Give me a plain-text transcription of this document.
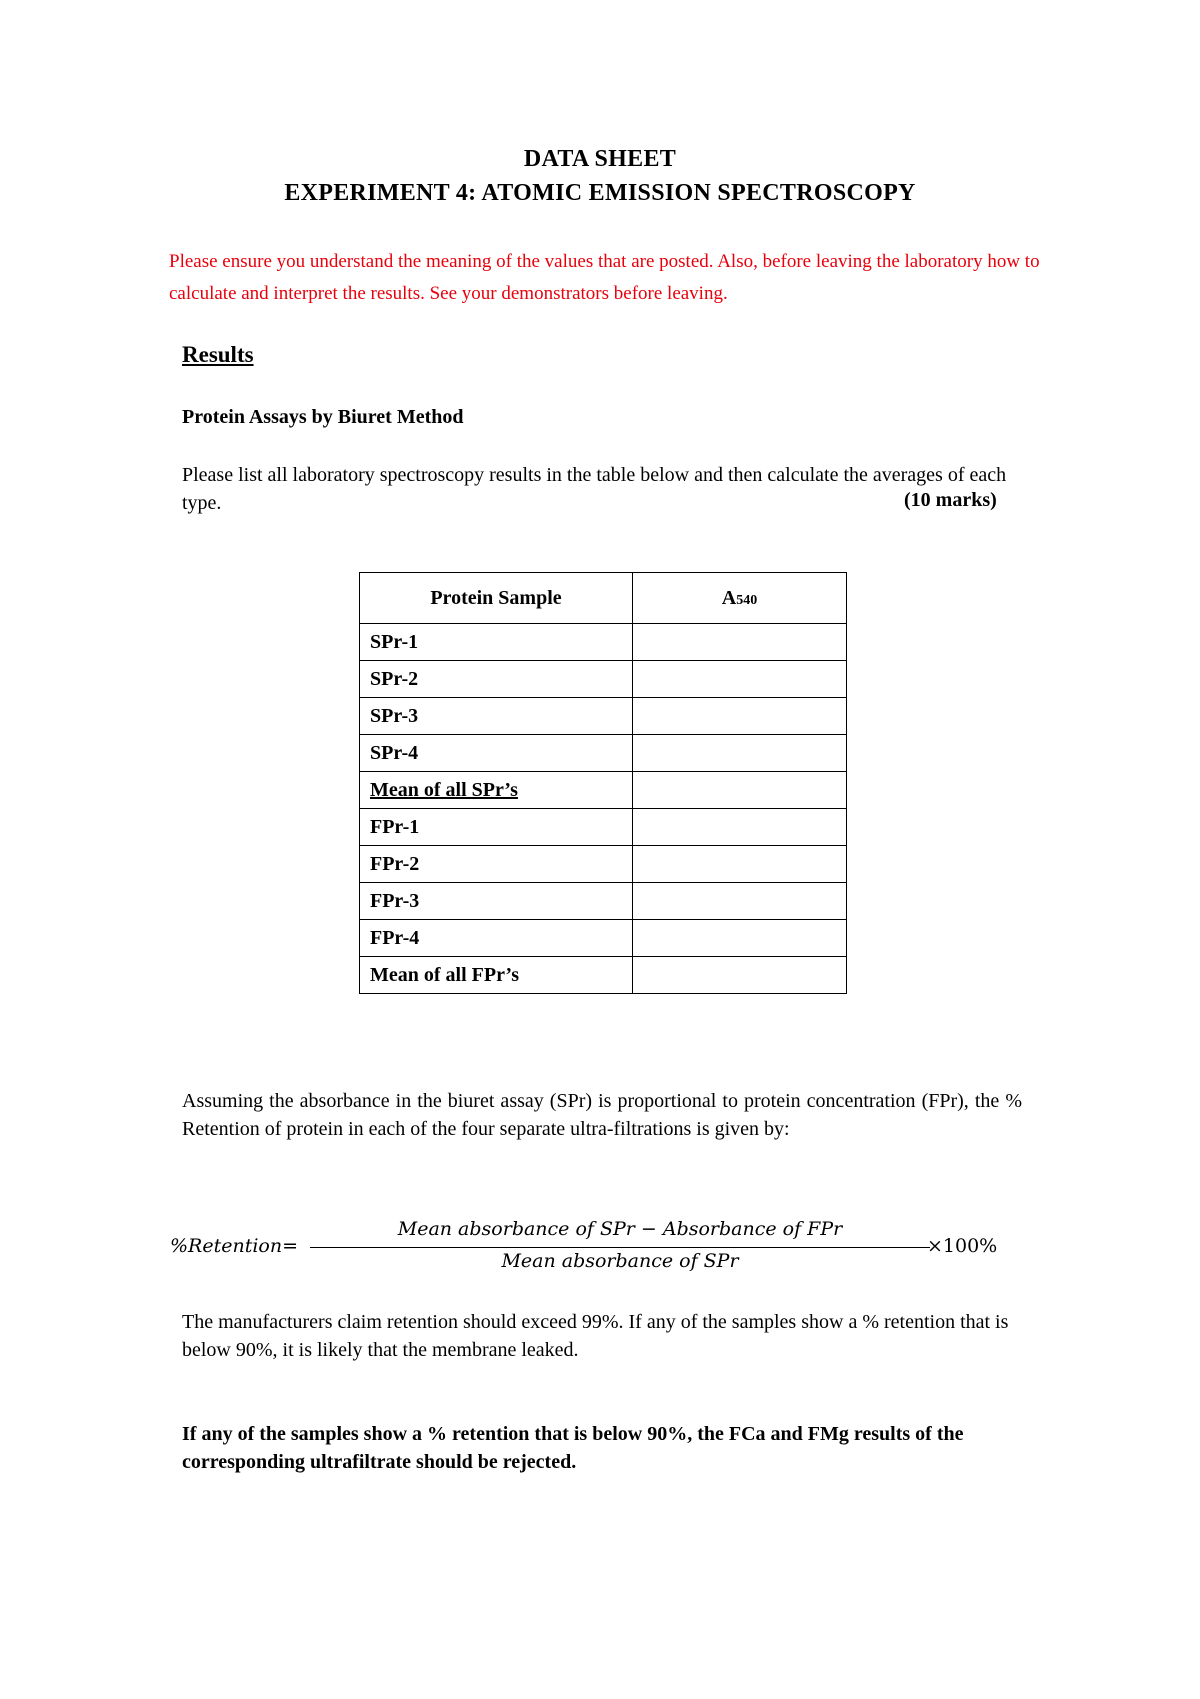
DATA SHEET
EXPERIMENT 4: ATOMIC EMISSION SPECTROSCOPY
Please ensure you understand the meaning of the values that are posted. Also, before leaving the laboratory how to calculate and interpret the results. See your demonstrators before leaving.
Results
Protein Assays by Biuret Method
Please list all laboratory spectroscopy results in the table below and then calculate the averages of each type.	(10 marks)
Protein Sample	A540
SPr-1	
SPr-2	
SPr-3	
SPr-4	
Mean of all SPr’s	
FPr-1	
FPr-2	
FPr-3	
FPr-4	
Mean of all FPr’s	
Assuming the absorbance in the biuret assay (SPr) is proportional to protein concentration (FPr), the % Retention of protein in each of the four separate ultra-filtrations is given by:
%Retention=
Mean absorbance of SPr − Absorbance of FPr
Mean absorbance of SPr
×100%
The manufacturers claim retention should exceed 99%. If any of the samples show a % retention that is below 90%, it is likely that the membrane leaked.
If any of the samples show a % retention that is below 90%, the FCa and FMg results of the corresponding ultrafiltrate should be rejected.
